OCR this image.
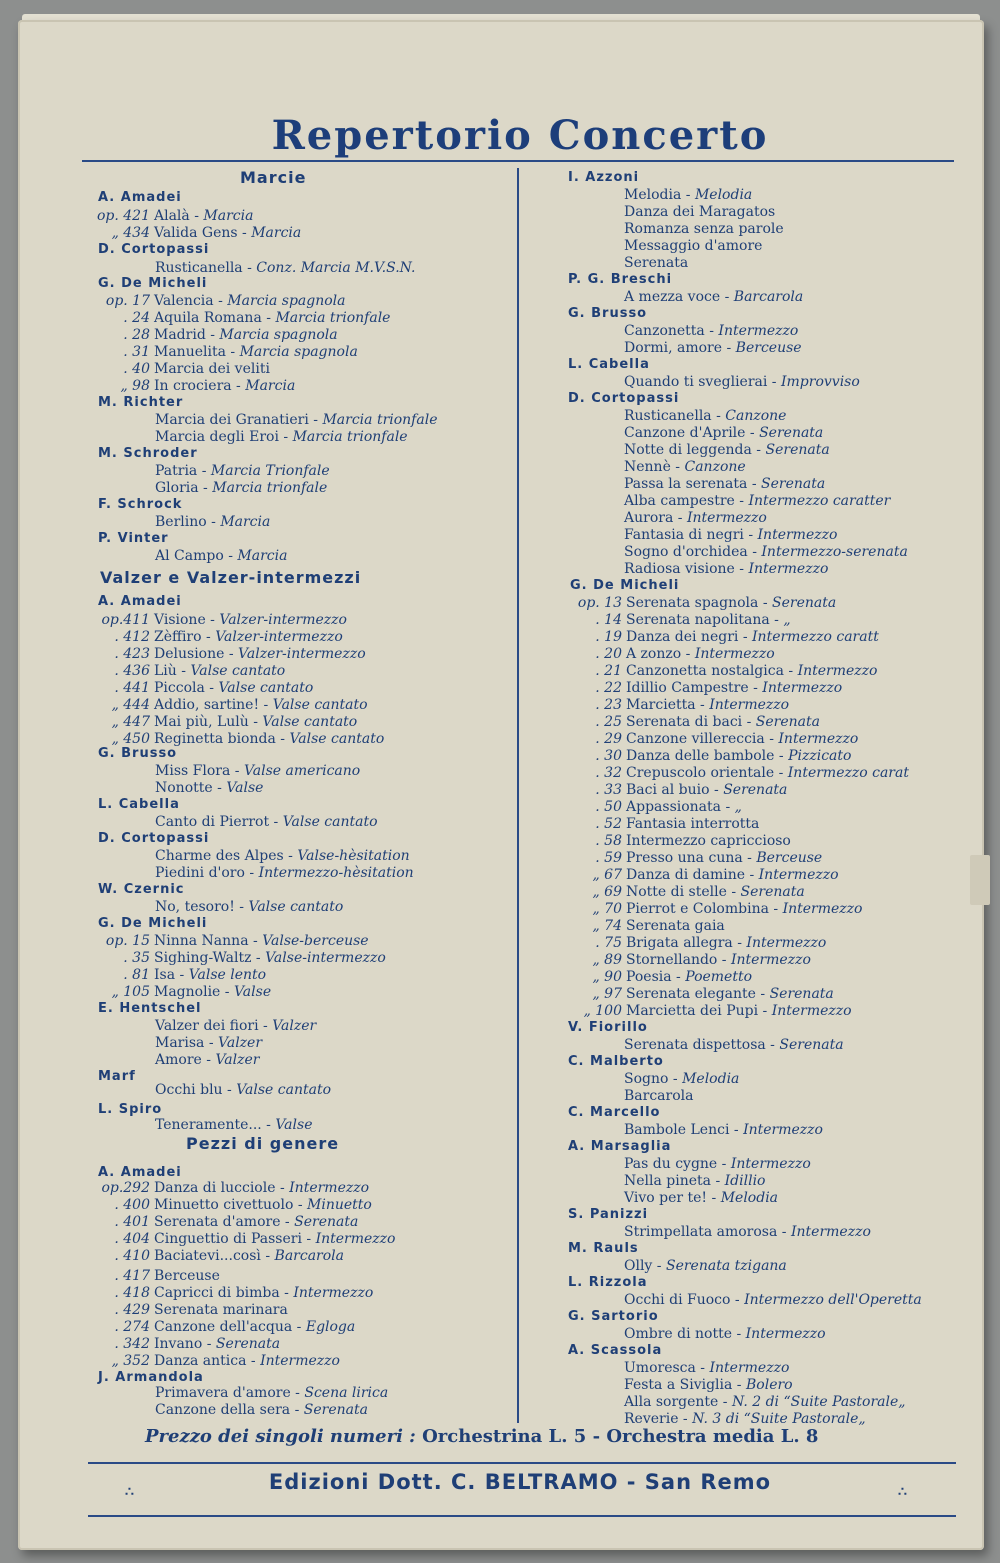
Repertorio Concerto
Prezzo dei singoli numeri : Orchestrina L. 5 - Orchestra media L. 8
∴	Edizioni Dott. C. BELTRAMO - San Remo	∴
Marcie
A. Amadei
op. 421 Alalà - Marcia
„ 434 Valida Gens - Marcia
D. Cortopassi
Rusticanella - Conz. Marcia M.V.S.N.
G. De Micheli
op. 17 Valencia - Marcia spagnola
. 24 Aquila Romana - Marcia trionfale
. 28 Madrid - Marcia spagnola
. 31 Manuelita - Marcia spagnola
. 40 Marcia dei veliti
„ 98 In crociera - Marcia
M. Richter
Marcia dei Granatieri - Marcia trionfale
Marcia degli Eroi - Marcia trionfale
M. Schroder
Patria - Marcia Trionfale
Gloria - Marcia trionfale
F. Schrock
Berlino - Marcia
P. Vinter
Al Campo - Marcia
Valzer e Valzer-intermezzi
A. Amadei
op.411 Visione - Valzer-intermezzo
. 412 Zèffiro - Valzer-intermezzo
. 423 Delusione - Valzer-intermezzo
. 436 Liù - Valse cantato
. 441 Piccola - Valse cantato
„ 444 Addio, sartine! - Valse cantato
„ 447 Mai più, Lulù - Valse cantato
„ 450 Reginetta bionda - Valse cantato
G. Brusso
Miss Flora - Valse americano
Nonotte - Valse
L. Cabella
Canto di Pierrot - Valse cantato
D. Cortopassi
Charme des Alpes - Valse-hèsitation
Piedini d'oro - Intermezzo-hèsitation
W. Czernic
No, tesoro! - Valse cantato
G. De Micheli
op. 15 Ninna Nanna - Valse-berceuse
. 35 Sighing-Waltz - Valse-intermezzo
. 81 Isa - Valse lento
„ 105 Magnolie - Valse
E. Hentschel
Valzer dei fiori - Valzer
Marisa - Valzer
Amore - Valzer
Marf
Occhi blu - Valse cantato
L. Spiro
Teneramente... - Valse
Pezzi di genere
A. Amadei
op.292 Danza di lucciole - Intermezzo
. 400 Minuetto civettuolo - Minuetto
. 401 Serenata d'amore - Serenata
. 404 Cinguettio di Passeri - Intermezzo
. 410 Baciatevi...così - Barcarola
. 417 Berceuse
. 418 Capricci di bimba - Intermezzo
. 429 Serenata marinara
. 274 Canzone dell'acqua - Egloga
. 342 Invano - Serenata
„ 352 Danza antica - Intermezzo
J. Armandola
Primavera d'amore - Scena lirica
Canzone della sera - Serenata
I. Azzoni
Melodia - Melodia
Danza dei Maragatos
Romanza senza parole
Messaggio d'amore
Serenata
P. G. Breschi
A mezza voce - Barcarola
G. Brusso
Canzonetta - Intermezzo
Dormi, amore - Berceuse
L. Cabella
Quando ti sveglierai - Improvviso
D. Cortopassi
Rusticanella - Canzone
Canzone d'Aprile - Serenata
Notte di leggenda - Serenata
Nennè - Canzone
Passa la serenata - Serenata
Alba campestre - Intermezzo caratter
Aurora - Intermezzo
Fantasia di negri - Intermezzo
Sogno d'orchidea - Intermezzo-serenata
Radiosa visione - Intermezzo
G. De Micheli
op. 13 Serenata spagnola - Serenata
. 14 Serenata napolitana - „
. 19 Danza dei negri - Intermezzo caratt
. 20 A zonzo - Intermezzo
. 21 Canzonetta nostalgica - Intermezzo
. 22 Idillio Campestre - Intermezzo
. 23 Marcietta - Intermezzo
. 25 Serenata di baci - Serenata
. 29 Canzone villereccia - Intermezzo
. 30 Danza delle bambole - Pizzicato
. 32 Crepuscolo orientale - Intermezzo carat
. 33 Baci al buio - Serenata
. 50 Appassionata - „
. 52 Fantasia interrotta
. 58 Intermezzo capriccioso
. 59 Presso una cuna - Berceuse
„ 67 Danza di damine - Intermezzo
„ 69 Notte di stelle - Serenata
„ 70 Pierrot e Colombina - Intermezzo
„ 74 Serenata gaia
. 75 Brigata allegra - Intermezzo
„ 89 Stornellando - Intermezzo
„ 90 Poesia - Poemetto
„ 97 Serenata elegante - Serenata
„ 100 Marcietta dei Pupi - Intermezzo
V. Fiorillo
Serenata dispettosa - Serenata
C. Malberto
Sogno - Melodia
Barcarola
C. Marcello
Bambole Lenci - Intermezzo
A. Marsaglia
Pas du cygne - Intermezzo
Nella pineta - Idillio
Vivo per te! - Melodia
S. Panizzi
Strimpellata amorosa - Intermezzo
M. Rauls
Olly - Serenata tzigana
L. Rizzola
Occhi di Fuoco - Intermezzo dell'Operetta
G. Sartorio
Ombre di notte - Intermezzo
A. Scassola
Umoresca - Intermezzo
Festa a Siviglia - Bolero
Alla sorgente - N. 2 di “Suite Pastorale„
Reverie - N. 3 di “Suite Pastorale„
